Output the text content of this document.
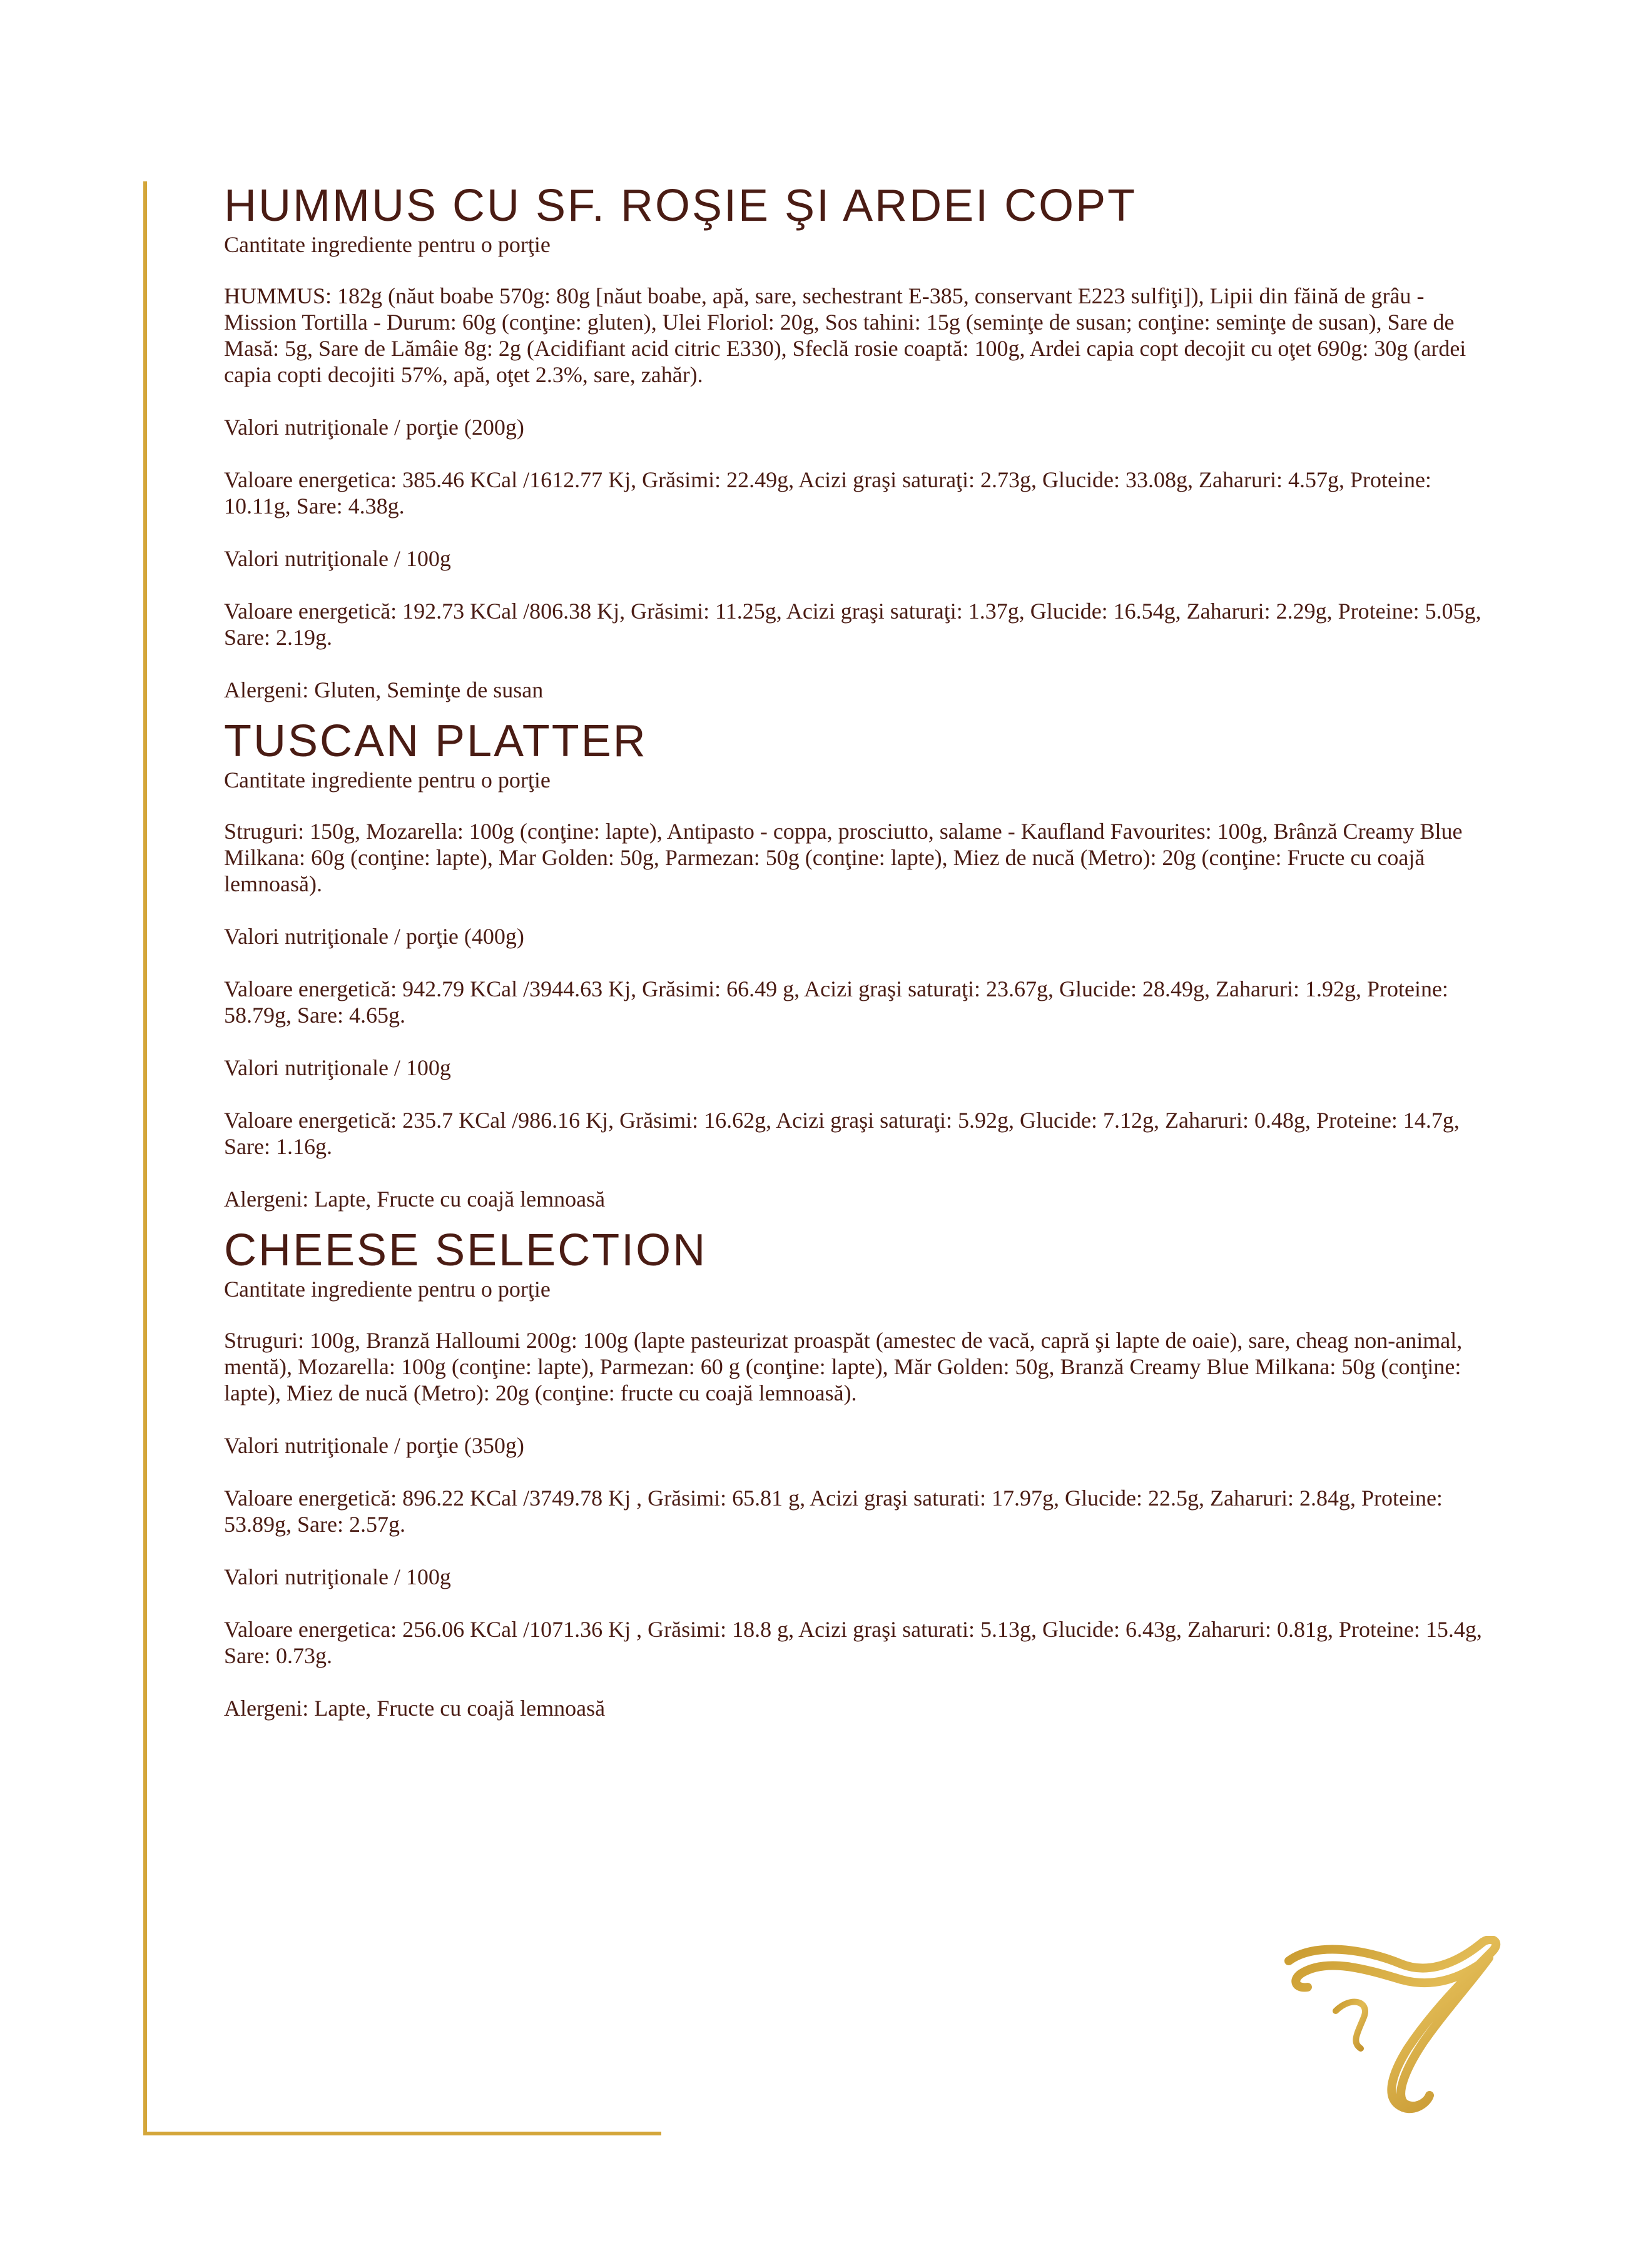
HUMMUS CU SF. ROŞIE ŞI ARDEI COPT

Cantitate ingrediente pentru o porţie

HUMMUS: 182g (năut boabe 570g: 80g [năut boabe, apă, sare, sechestrant E-385, conservant E223 sulfiţi]), Lipii din făină de grâu - Mission Tortilla - Durum: 60g (conţine: gluten), Ulei Floriol: 20g, Sos tahini: 15g (seminţe de susan; conţine: seminţe de susan), Sare de Masă: 5g, Sare de Lămâie 8g: 2g (Acidifiant acid citric E330), Sfeclă rosie coaptă: 100g, Ardei capia copt decojit cu oţet 690g: 30g (ardei capia copti decojiti 57%, apă, oţet 2.3%, sare, zahăr).

Valori nutriţionale / porţie (200g)

Valoare energetica: 385.46 KCal /1612.77 Kj, Grăsimi: 22.49g, Acizi graşi saturaţi: 2.73g, Glucide: 33.08g, Zaharuri: 4.57g, Proteine: 10.11g, Sare: 4.38g.

Valori nutriţionale / 100g

Valoare energetică: 192.73 KCal /806.38 Kj, Grăsimi: 11.25g, Acizi graşi saturaţi: 1.37g, Glucide: 16.54g, Zaharuri: 2.29g, Proteine: 5.05g, Sare: 2.19g.

Alergeni: Gluten, Seminţe de susan

TUSCAN PLATTER

Cantitate ingrediente pentru o porţie

Struguri: 150g, Mozarella: 100g (conţine: lapte), Antipasto - coppa, prosciutto, salame - Kaufland Favourites: 100g, Brânză Creamy Blue Milkana: 60g (conţine: lapte), Mar Golden: 50g, Parmezan: 50g (conţine: lapte), Miez de nucă (Metro): 20g (conţine: Fructe cu coajă lemnoasă).

Valori nutriţionale / porţie (400g)

Valoare energetică: 942.79 KCal /3944.63 Kj, Grăsimi: 66.49 g, Acizi graşi saturaţi: 23.67g, Glucide: 28.49g, Zaharuri: 1.92g, Proteine: 58.79g, Sare: 4.65g.

Valori nutriţionale / 100g

Valoare energetică: 235.7 KCal /986.16 Kj, Grăsimi: 16.62g, Acizi graşi saturaţi: 5.92g, Glucide: 7.12g, Zaharuri: 0.48g, Proteine: 14.7g, Sare: 1.16g.

Alergeni: Lapte, Fructe cu coajă lemnoasă

CHEESE SELECTION

Cantitate ingrediente pentru o porţie

Struguri: 100g, Branză Halloumi 200g: 100g (lapte pasteurizat proaspăt (amestec de vacă, capră şi lapte de oaie), sare, cheag non-animal, mentă), Mozarella: 100g (conţine: lapte), Parmezan: 60 g (conţine: lapte), Măr Golden: 50g, Branză Creamy Blue Milkana: 50g (conţine: lapte), Miez de nucă (Metro): 20g (conţine: fructe cu coajă lemnoasă).

Valori nutriţionale / porţie (350g)

Valoare energetică: 896.22 KCal /3749.78 Kj , Grăsimi: 65.81 g, Acizi graşi saturati: 17.97g, Glucide: 22.5g, Zaharuri: 2.84g, Proteine: 53.89g, Sare: 2.57g.

Valori nutriţionale / 100g

Valoare energetica: 256.06 KCal /1071.36 Kj , Grăsimi: 18.8 g, Acizi graşi saturati: 5.13g, Glucide: 6.43g, Zaharuri: 0.81g, Proteine: 15.4g, Sare: 0.73g.

Alergeni: Lapte, Fructe cu coajă lemnoasă
